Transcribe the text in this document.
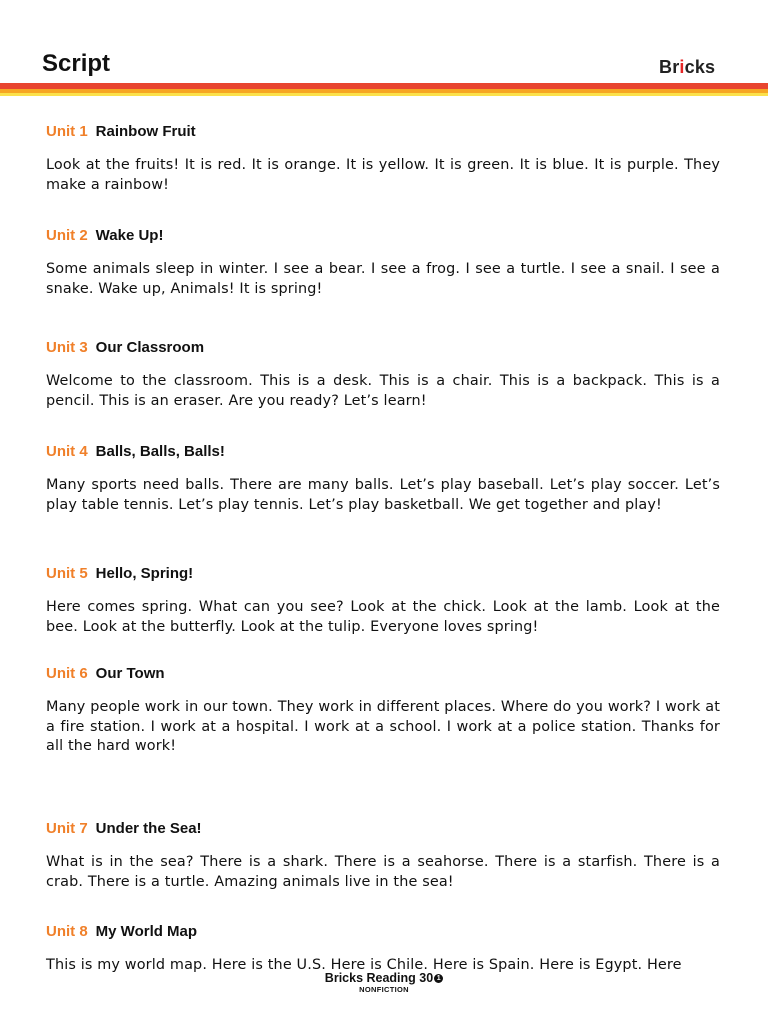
Script	Bricks
Unit 1 Rainbow Fruit
Look at the fruits! It is red. It is orange. It is yellow. It is green. It is blue. It is purple. They make a rainbow!
Unit 2 Wake Up!
Some animals sleep in winter. I see a bear. I see a frog. I see a turtle. I see a snail. I see a snake. Wake up, Animals! It is spring!
Unit 3 Our Classroom
Welcome to the classroom. This is a desk. This is a chair. This is a backpack. This is a pencil. This is an eraser. Are you ready? Let’s learn!
Unit 4 Balls, Balls, Balls!
Many sports need balls. There are many balls. Let’s play baseball. Let’s play soccer. Let’s play table tennis. Let’s play tennis. Let’s play basketball. We get together and play!
Unit 5 Hello, Spring!
Here comes spring. What can you see? Look at the chick. Look at the lamb. Look at the bee. Look at the butterfly. Look at the tulip. Everyone loves spring!
Unit 6 Our Town
Many people work in our town. They work in different places. Where do you work? I work at a fire station. I work at a hospital. I work at a school. I work at a police station. Thanks for all the hard work!
Unit 7 Under the Sea!
What is in the sea? There is a shark. There is a seahorse. There is a starfish. There is a crab. There is a turtle. Amazing animals live in the sea!
Unit 8 My World Map
This is my world map. Here is the U.S. Here is Chile. Here is Spain. Here is Egypt. Here
Bricks Reading 30 1
NONFICTION
